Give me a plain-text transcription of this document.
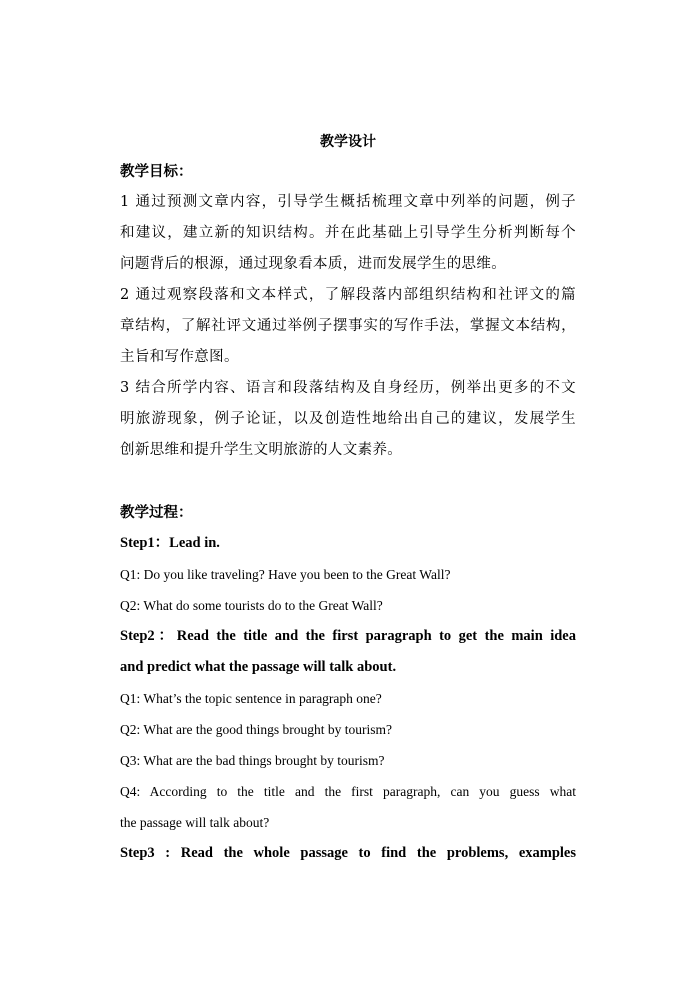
教学设计
教学目标：
1 通过预测文章内容，引导学生概括梳理文章中列举的问题，例子
和建议，建立新的知识结构。并在此基础上引导学生分析判断每个
问题背后的根源，通过现象看本质，进而发展学生的思维。
2 通过观察段落和文本样式，了解段落内部组织结构和社评文的篇
章结构，了解社评文通过举例子摆事实的写作手法，掌握文本结构，
主旨和写作意图。
3 结合所学内容、语言和段落结构及自身经历，例举出更多的不文
明旅游现象，例子论证，以及创造性地给出自己的建议，发展学生
创新思维和提升学生文明旅游的人文素养。
教学过程：
Step1：Lead in.
Q1: Do you like traveling? Have you been to the Great Wall?
Q2: What do some tourists do to the Great Wall?
Step2：Read the title and the first paragraph to get the main idea
and predict what the passage will talk about.
Q1: What’s the topic sentence in paragraph one?
Q2: What are the good things brought by tourism?
Q3: What are the bad things brought by tourism?
Q4: According to the title and the first paragraph, can you guess what
the passage will talk about?
Step3 : Read the whole passage to find the problems, examples
